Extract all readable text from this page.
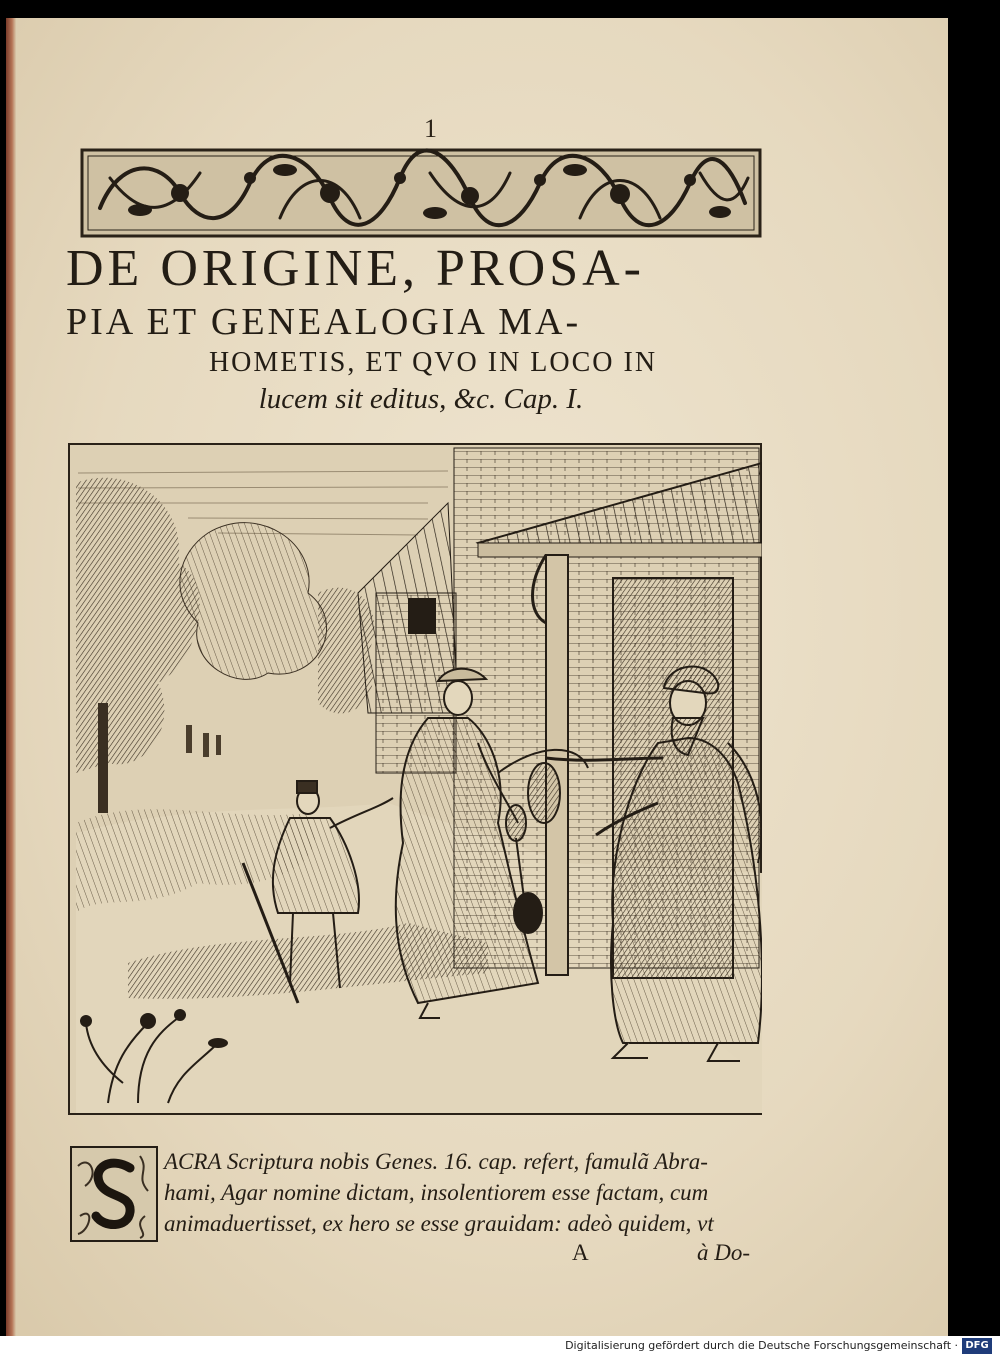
1
DE ORIGINE, PROSA-
PIA ET GENEALOGIA MA-
HOMETIS, ET QVO IN LOCO IN
lucem sit editus, &c. Cap. I.
ACRA Scriptura nobis Genes. 16. cap. refert, famulã Abra-
hami, Agar nomine dictam, insolentiorem esse factam, cum
animaduertisset, ex hero se esse grauidam: adeò quidem, vt
A	à Do-
Digitalisierung gefördert durch die Deutsche Forschungsgemeinschaft · DFG
